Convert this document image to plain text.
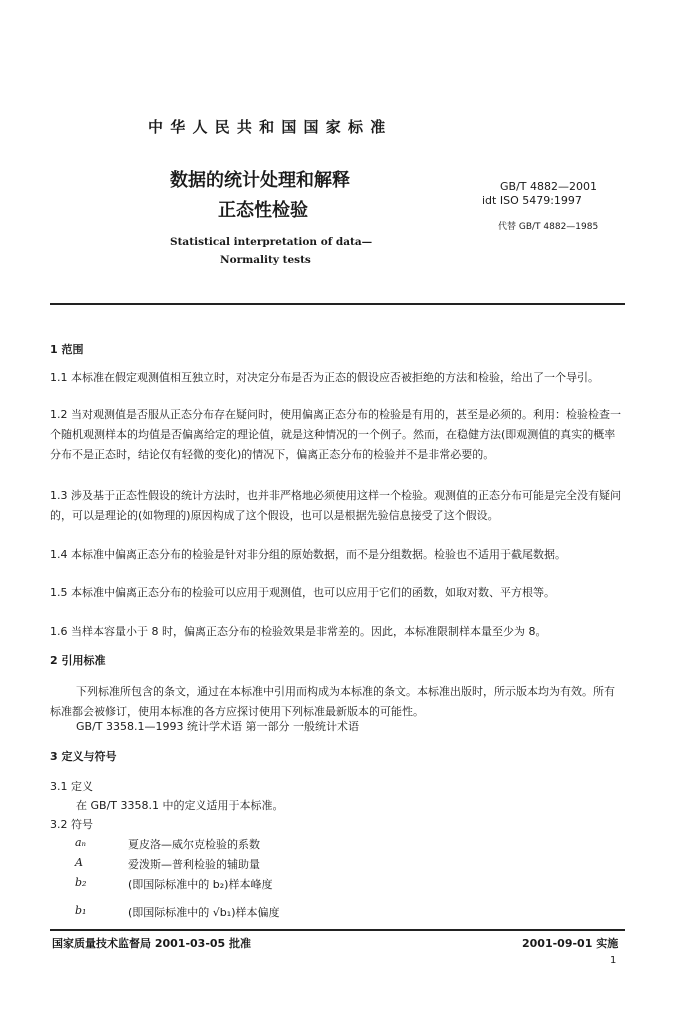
中 华 人 民 共 和 国 国 家 标 准
数据的统计处理和解释
正态性检验
GB/T 4882—2001
idt ISO 5479:1997
代替 GB/T 4882—1985
Statistical interpretation of data—
Normality tests
1 范围
1.1 本标准在假定观测值相互独立时，对决定分布是否为正态的假设应否被拒绝的方法和检验，给出了一个导引。
1.2 当对观测值是否服从正态分布存在疑问时，使用偏离正态分布的检验是有用的，甚至是必须的。利用：检验检查一个随机观测样本的均值是否偏离给定的理论值，就是这种情况的一个例子。然而，在稳健方法(即观测值的真实的概率分布不是正态时，结论仅有轻微的变化)的情况下，偏离正态分布的检验并不是非常必要的。
1.3 涉及基于正态性假设的统计方法时，也并非严格地必须使用这样一个检验。观测值的正态分布可能是完全没有疑问的，可以是理论的(如物理的)原因构成了这个假设，也可以是根据先验信息接受了这个假设。
1.4 本标准中偏离正态分布的检验是针对非分组的原始数据，而不是分组数据。检验也不适用于截尾数据。
1.5 本标准中偏离正态分布的检验可以应用于观测值，也可以应用于它们的函数，如取对数、平方根等。
1.6 当样本容量小于 8 时，偏离正态分布的检验效果是非常差的。因此，本标准限制样本量至少为 8。
2 引用标准
下列标准所包含的条文，通过在本标准中引用而构成为本标准的条文。本标准出版时，所示版本均为有效。所有标准都会被修订，使用本标准的各方应探讨使用下列标准最新版本的可能性。
GB/T 3358.1—1993 统计学术语 第一部分 一般统计术语
3 定义与符号
3.1 定义
在 GB/T 3358.1 中的定义适用于本标准。
3.2 符号
aₙ	夏皮洛—威尔克检验的系数
A	爱泼斯—普利检验的辅助量
b₂	(即国际标准中的 b₂)样本峰度
b₁	(即国际标准中的 √b₁)样本偏度
国家质量技术监督局 2001-03-05 批准	2001-09-01 实施
1
